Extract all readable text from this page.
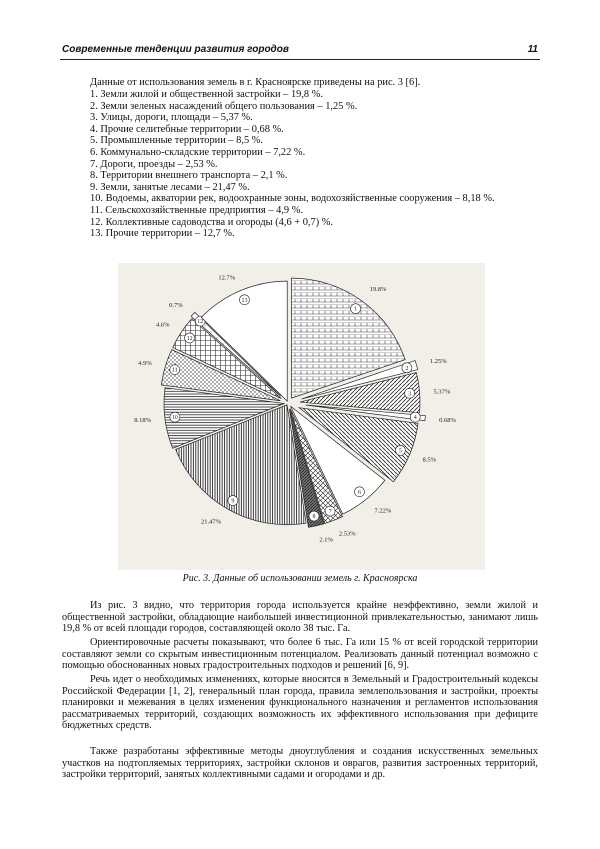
Современные тенденции развития городов	11
Данные от использования земель в г. Красноярске приведены на рис. 3 [6].
1. Земли жилой и общественной застройки – 19,8 %.
2. Земли зеленых насаждений общего пользования – 1,25 %.
3. Улицы, дороги, площади – 5,37 %.
4. Прочие селитебные территории – 0,68 %.
5. Промышленные территории – 8,5 %.
6. Коммунально-складские территории – 7,22 %.
7. Дороги, проезды – 2,53 %.
8. Территории внешнего транспорта – 2,1 %.
9. Земли, занятые лесами – 21,47 %.
10. Водоемы, акватории рек, водоохранные зоны, водохозяйственные сооружения – 8,18 %.
11. Сельскохозяйственные предприятия – 4,9 %.
12. Коллективные садоводства и огороды (4,6 + 0,7) %.
13. Прочие территории – 12,7 %.
1
19.8%
2
1.25%
3	5.37%
4	0.68%
5
8.5%
6
7.22%
7
2.53%
8
2.1%
9
21.47%
10
8.18%
11
4.9%
12
4.6%	12
0.7%
13
12.7%
Рис. 3. Данные об использовании земель г. Красноярска

Из рис. 3 видно, что территория города используется крайне неэффективно, земли жилой и общественной застройки, обладающие наибольшей инвестиционной привлекательностью, занимают лишь 19,8 % от всей площади городов, составляющей около 38 тыс. Га.

Ориентировочные расчеты показывают, что более 6 тыс. Га или 15 % от всей городской территории составляют земли со скрытым инвестиционным потенциалом. Реализовать данный потенциал возможно с помощью обоснованных новых градостроительных подходов и решений [6, 9].

Речь идет о необходимых изменениях, которые вносятся в Земельный и Градостроительный кодексы Российской Федерации [1, 2], генеральный план города, правила землепользования и застройки, проекты планировки и межевания в целях изменения функционального назначения и регламентов использования рассматриваемых территорий, создающих возможность их эффективного использования при дефиците бюджетных средств.

Также разработаны эффективные методы дноуглубления и создания искусственных земельных участков на подтопляемых территориях, застройки склонов и оврагов, развития застроенных территорий, застройки территорий, занятых коллективными садами и огородами и др.
